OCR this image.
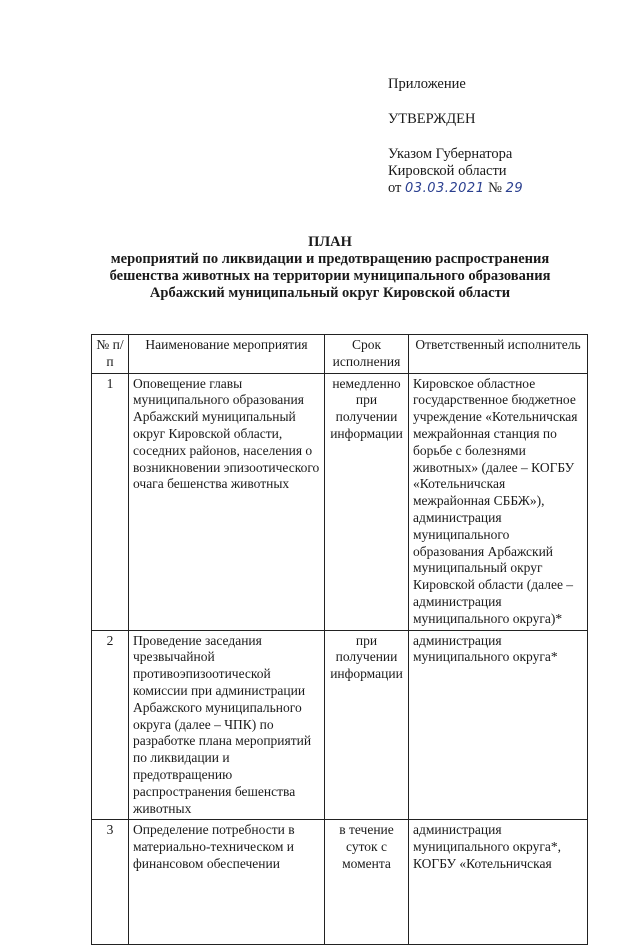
Приложение
УТВЕРЖДЕН
Указом Губернатора
Кировской области
от 03.03.2021 № 29
ПЛАН
мероприятий по ликвидации и предотвращению распространения
бешенства животных на территории муниципального образования
Арбажский муниципальный округ Кировской области
№ п/п	Наименование мероприятия	Срок исполнения	Ответственный исполнитель
1	Оповещение главы муниципального образования Арбажский муниципальный округ Кировской области, соседних районов, населения о возникновении эпизоотического очага бешенства животных	немедленно при получении информации	Кировское областное государственное бюджетное учреждение «Котельничская межрайонная станция по борьбе с болезнями животных» (далее – КОГБУ «Котельничская межрайонная СББЖ»), администрация муниципального образования Арбажский муниципальный округ Кировской области (далее – администрация муниципального округа)*
2	Проведение заседания чрезвычайной противоэпизоотической комиссии при администрации Арбажского муниципального округа (далее – ЧПК) по разработке плана мероприятий по ликвидации и предотвращению распространения бешенства животных	при получении информации	администрация муниципального округа*
3	Определение потребности в материально-техническом и финансовом обеспечении	в течение суток с момента	администрация муниципального округа*, КОГБУ «Котельничская
